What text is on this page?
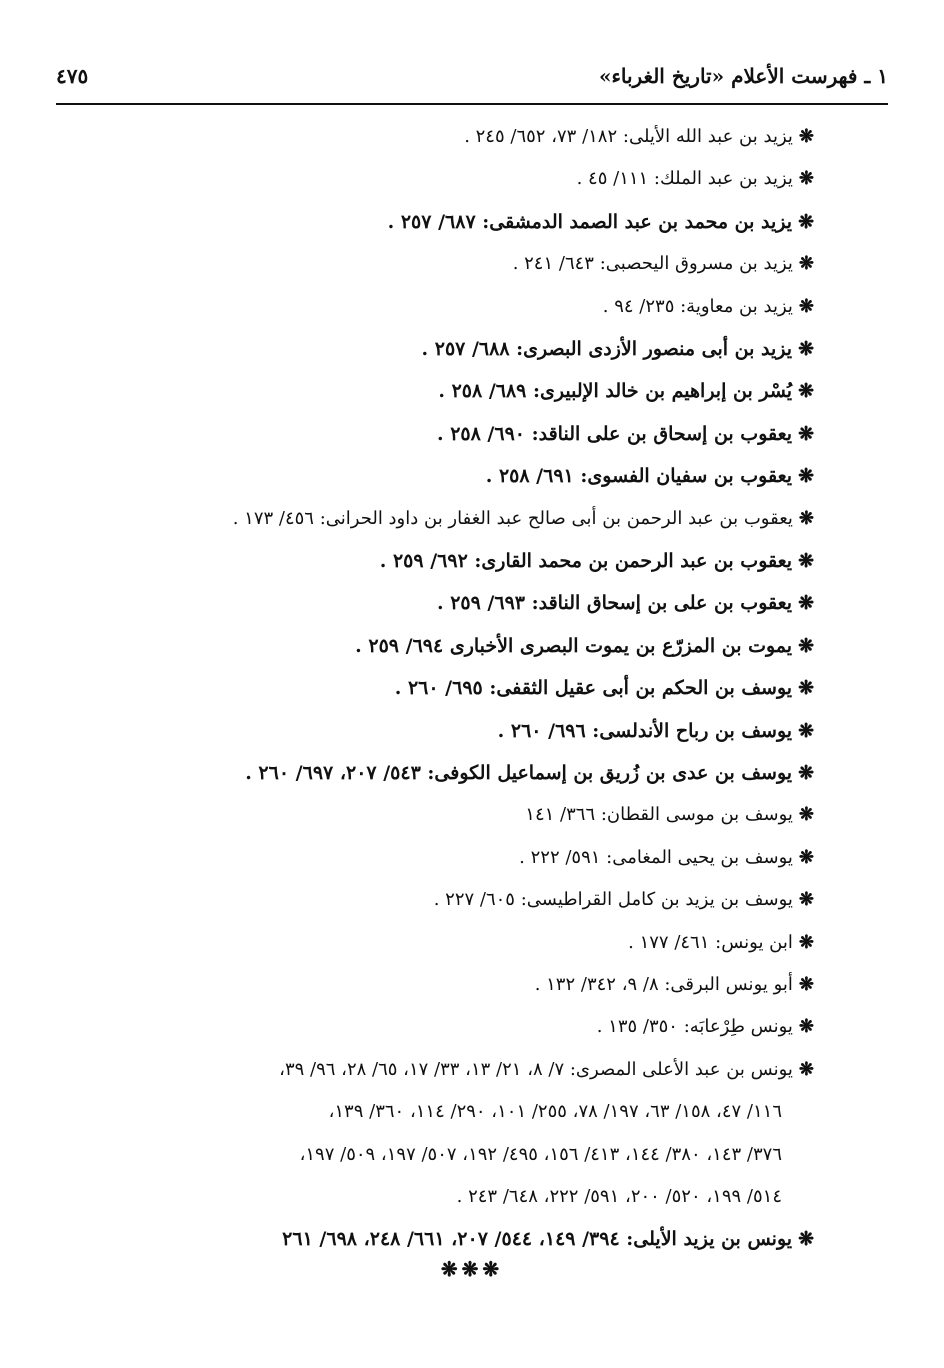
٤٧٥	١ ـ فهرست الأعلام «تاريخ الغرباء»
❋يزيد بن عبد الله الأيلى: ١٨٢/ ٧٣، ٦٥٢/ ٢٤٥ .
❋يزيد بن عبد الملك: ١١١/ ٤٥ .
❋يزيد بن محمد بن عبد الصمد الدمشقى: ٦٨٧/ ٢٥٧ .
❋يزيد بن مسروق اليحصبى: ٦٤٣/ ٢٤١ .
❋يزيد بن معاوية: ٢٣٥/ ٩٤ .
❋يزيد بن أبى منصور الأزدى البصرى: ٦٨٨/ ٢٥٧ .
❋يُسْر بن إبراهيم بن خالد الإلبيرى: ٦٨٩/ ٢٥٨ .
❋يعقوب بن إسحاق بن على الناقد: ٦٩٠/ ٢٥٨ .
❋يعقوب بن سفيان الفسوى: ٦٩١/ ٢٥٨ .
❋يعقوب بن عبد الرحمن بن أبى صالح عبد الغفار بن داود الحرانى: ٤٥٦/ ١٧٣ .
❋يعقوب بن عبد الرحمن بن محمد القارى: ٦٩٢/ ٢٥٩ .
❋يعقوب بن على بن إسحاق الناقد: ٦٩٣/ ٢٥٩ .
❋يموت بن المزرّع بن يموت البصرى الأخبارى ٦٩٤/ ٢٥٩ .
❋يوسف بن الحكم بن أبى عقيل الثقفى: ٦٩٥/ ٢٦٠ .
❋يوسف بن رباح الأندلسى: ٦٩٦/ ٢٦٠ .
❋يوسف بن عدى بن زُريق بن إسماعيل الكوفى: ٥٤٣/ ٢٠٧، ٦٩٧/ ٢٦٠ .
❋يوسف بن موسى القطان: ٣٦٦/ ١٤١
❋يوسف بن يحيى المغامى: ٥٩١/ ٢٢٢ .
❋يوسف بن يزيد بن كامل القراطيسى: ٦٠٥/ ٢٢٧ .
❋ابن يونس: ٤٦١/ ١٧٧ .
❋أبو يونس البرقى: ٨/ ٩، ٣٤٢/ ١٣٢ .
❋يونس طِرْعابَه: ٣٥٠/ ١٣٥ .
❋يونس بن عبد الأعلى المصرى: ٧/ ٨، ٢١/ ١٣، ٣٣/ ١٧، ٦٥/ ٢٨، ٩٦/ ٣٩،
١١٦/ ٤٧، ١٥٨/ ٦٣، ١٩٧/ ٧٨، ٢٥٥/ ١٠١، ٢٩٠/ ١١٤، ٣٦٠/ ١٣٩،
٣٧٦/ ١٤٣، ٣٨٠/ ١٤٤، ٤١٣/ ١٥٦، ٤٩٥/ ١٩٢، ٥٠٧/ ١٩٧، ٥٠٩/ ١٩٧،
٥١٤/ ١٩٩، ٥٢٠/ ٢٠٠، ٥٩١/ ٢٢٢، ٦٤٨/ ٢٤٣ .
❋يونس بن يزيد الأيلى: ٣٩٤/ ١٤٩، ٥٤٤/ ٢٠٧، ٦٦١/ ٢٤٨، ٦٩٨/ ٢٦١
❋❋❋
